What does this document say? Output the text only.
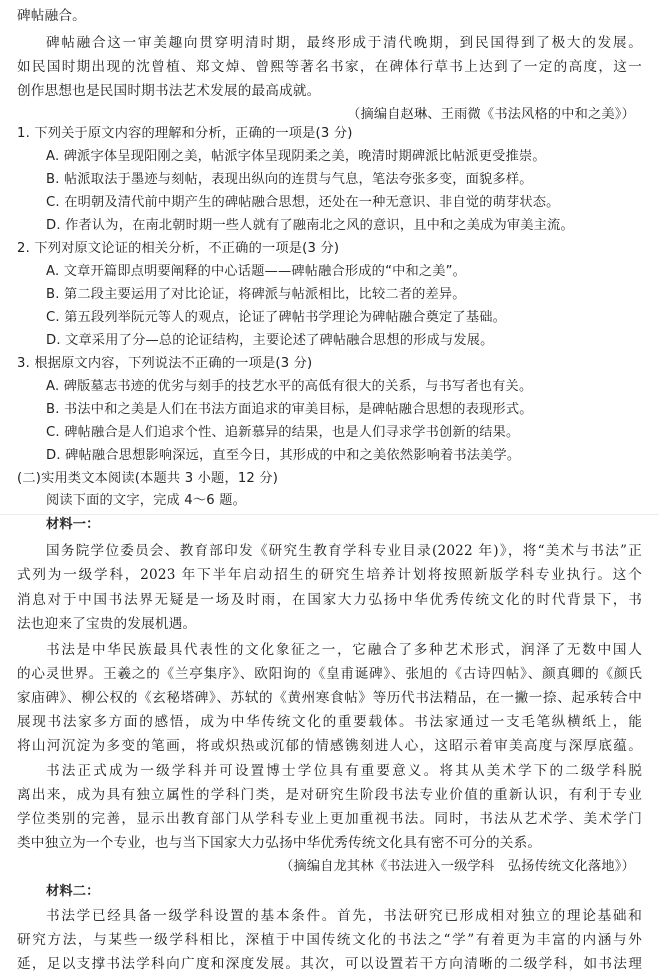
碑帖融合。
碑帖融合这一审美趣向贯穿明清时期，最终形成于清代晚期，到民国得到了极大的发展。
如民国时期出现的沈曾植、郑文焯、曾熙等著名书家，在碑体行草书上达到了一定的高度，这一
创作思想也是民国时期书法艺术发展的最高成就。
（摘编自赵琳、王雨微《书法风格的中和之美》）
1. 下列关于原文内容的理解和分析，正确的一项是(3 分)
A. 碑派字体呈现阳刚之美，帖派字体呈现阴柔之美，晚清时期碑派比帖派更受推崇。
B. 帖派取法于墨迹与刻帖，表现出纵向的连贯与气息，笔法夸张多变，面貌多样。
C. 在明朝及清代前中期产生的碑帖融合思想，还处在一种无意识、非自觉的萌芽状态。
D. 作者认为，在南北朝时期一些人就有了融南北之风的意识，且中和之美成为审美主流。
2. 下列对原文论证的相关分析，不正确的一项是(3 分)
A. 文章开篇即点明要阐释的中心话题——碑帖融合形成的“中和之美”。
B. 第二段主要运用了对比论证，将碑派与帖派相比，比较二者的差异。
C. 第五段列举阮元等人的观点，论证了碑帖书学理论为碑帖融合奠定了基础。
D. 文章采用了分—总的论证结构，主要论述了碑帖融合思想的形成与发展。
3. 根据原文内容，下列说法不正确的一项是(3 分)
A. 碑版墓志书迹的优劣与刻手的技艺水平的高低有很大的关系，与书写者也有关。
B. 书法中和之美是人们在书法方面追求的审美目标，是碑帖融合思想的表现形式。
C. 碑帖融合是人们追求个性、追新慕异的结果，也是人们寻求学书创新的结果。
D. 碑帖融合思想影响深远，直至今日，其形成的中和之美依然影响着书法美学。
(二)实用类文本阅读(本题共 3 小题，12 分)
阅读下面的文字，完成 4～6 题。
材料一：
国务院学位委员会、教育部印发《研究生教育学科专业目录(2022 年)》，将“美术与书法”正
式列为一级学科，2023 年下半年启动招生的研究生培养计划将按照新版学科专业执行。这个
消息对于中国书法界无疑是一场及时雨，在国家大力弘扬中华优秀传统文化的时代背景下，书
法也迎来了宝贵的发展机遇。
书法是中华民族最具代表性的文化象征之一，它融合了多种艺术形式，润泽了无数中国人
的心灵世界。王羲之的《兰亭集序》、欧阳询的《皇甫诞碑》、张旭的《古诗四帖》、颜真卿的《颜氏
家庙碑》、柳公权的《玄秘塔碑》、苏轼的《黄州寒食帖》等历代书法精品，在一撇一捺、起承转合中
展现书法家多方面的感悟，成为中华传统文化的重要载体。书法家通过一支毛笔纵横纸上，能
将山河沉淀为多变的笔画，将或炽热或沉郁的情感镌刻进人心，这昭示着审美高度与深厚底蕴。
书法正式成为一级学科并可设置博士学位具有重要意义。将其从美术学下的二级学科脱
离出来，成为具有独立属性的学科门类，是对研究生阶段书法专业价值的重新认识，有利于专业
学位类别的完善，显示出教育部门从学科专业上更加重视书法。同时，书法从艺术学、美术学门
类中独立为一个专业，也与当下国家大力弘扬中华优秀传统文化具有密不可分的关系。
（摘编自龙其林《书法进入一级学科　弘扬传统文化落地》）
材料二：
书法学已经具备一级学科设置的基本条件。首先，书法研究已形成相对独立的理论基础和
研究方法，与某些一级学科相比，深植于中国传统文化的书法之“学”有着更为丰富的内涵与外
延，足以支撑书法学科向广度和深度发展。其次，可以设置若干方向清晰的二级学科，如书法理
